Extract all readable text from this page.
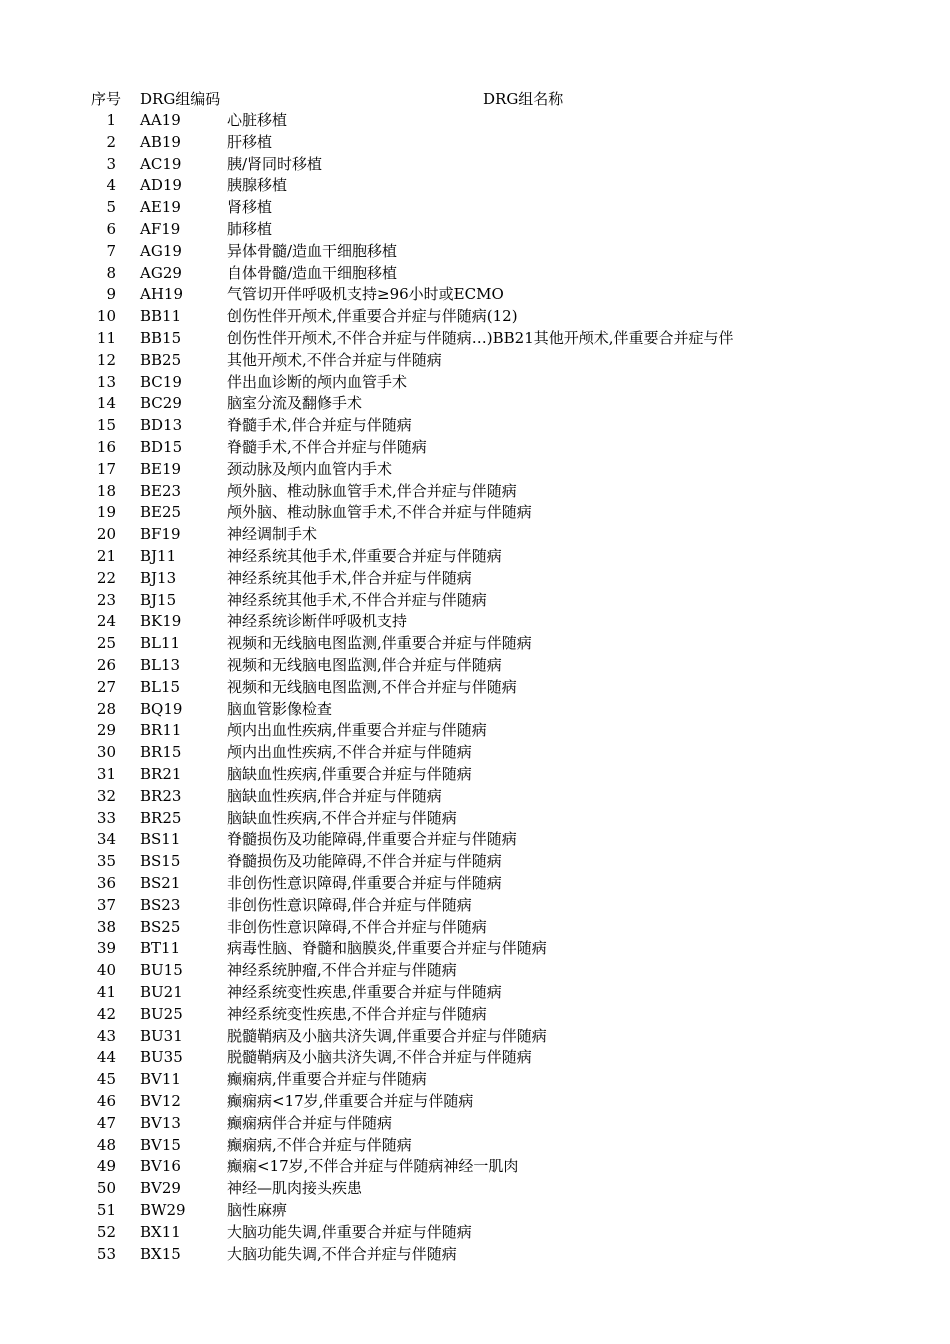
序号 DRG组编码	DRG组名称
1 AA19	心脏移植
2 AB19	肝移植
3 AC19	胰/肾同时移植
4 AD19	胰腺移植
5 AE19	肾移植
6 AF19	肺移植
7 AG19	异体骨髓/造血干细胞移植
8 AG29	自体骨髓/造血干细胞移植
9 AH19	气管切开伴呼吸机支持≥96小时或ECMO
10 BB11	创伤性伴开颅术,伴重要合并症与伴随病(12)
11 BB15	创伤性伴开颅术,不伴合并症与伴随病…)BB21其他开颅术,伴重要合并症与伴
12 BB25	其他开颅术,不伴合并症与伴随病
13 BC19	伴出血诊断的颅内血管手术
14 BC29	脑室分流及翻修手术
15 BD13	脊髓手术,伴合并症与伴随病
16 BD15	脊髓手术,不伴合并症与伴随病
17 BE19	颈动脉及颅内血管内手术
18 BE23	颅外脑、椎动脉血管手术,伴合并症与伴随病
19 BE25	颅外脑、椎动脉血管手术,不伴合并症与伴随病
20 BF19	神经调制手术
21 BJ11	神经系统其他手术,伴重要合并症与伴随病
22 BJ13	神经系统其他手术,伴合并症与伴随病
23 BJ15	神经系统其他手术,不伴合并症与伴随病
24 BK19	神经系统诊断伴呼吸机支持
25 BL11	视频和无线脑电图监测,伴重要合并症与伴随病
26 BL13	视频和无线脑电图监测,伴合并症与伴随病
27 BL15	视频和无线脑电图监测,不伴合并症与伴随病
28 BQ19	脑血管影像检查
29 BR11	颅内出血性疾病,伴重要合并症与伴随病
30 BR15	颅内出血性疾病,不伴合并症与伴随病
31 BR21	脑缺血性疾病,伴重要合并症与伴随病
32 BR23	脑缺血性疾病,伴合并症与伴随病
33 BR25	脑缺血性疾病,不伴合并症与伴随病
34 BS11	脊髓损伤及功能障碍,伴重要合并症与伴随病
35 BS15	脊髓损伤及功能障碍,不伴合并症与伴随病
36 BS21	非创伤性意识障碍,伴重要合并症与伴随病
37 BS23	非创伤性意识障碍,伴合并症与伴随病
38 BS25	非创伤性意识障碍,不伴合并症与伴随病
39 BT11	病毒性脑、脊髓和脑膜炎,伴重要合并症与伴随病
40 BU15	神经系统肿瘤,不伴合并症与伴随病
41 BU21	神经系统变性疾患,伴重要合并症与伴随病
42 BU25	神经系统变性疾患,不伴合并症与伴随病
43 BU31	脱髓鞘病及小脑共济失调,伴重要合并症与伴随病
44 BU35	脱髓鞘病及小脑共济失调,不伴合并症与伴随病
45 BV11	癫痫病,伴重要合并症与伴随病
46 BV12	癫痫病<17岁,伴重要合并症与伴随病
47 BV13	癫痫病伴合并症与伴随病
48 BV15	癫痫病,不伴合并症与伴随病
49 BV16	癫痫<17岁,不伴合并症与伴随病神经一肌肉
50 BV29	神经—肌肉接头疾患
51 BW29	脑性麻痹
52 BX11	大脑功能失调,伴重要合并症与伴随病
53 BX15	大脑功能失调,不伴合并症与伴随病
